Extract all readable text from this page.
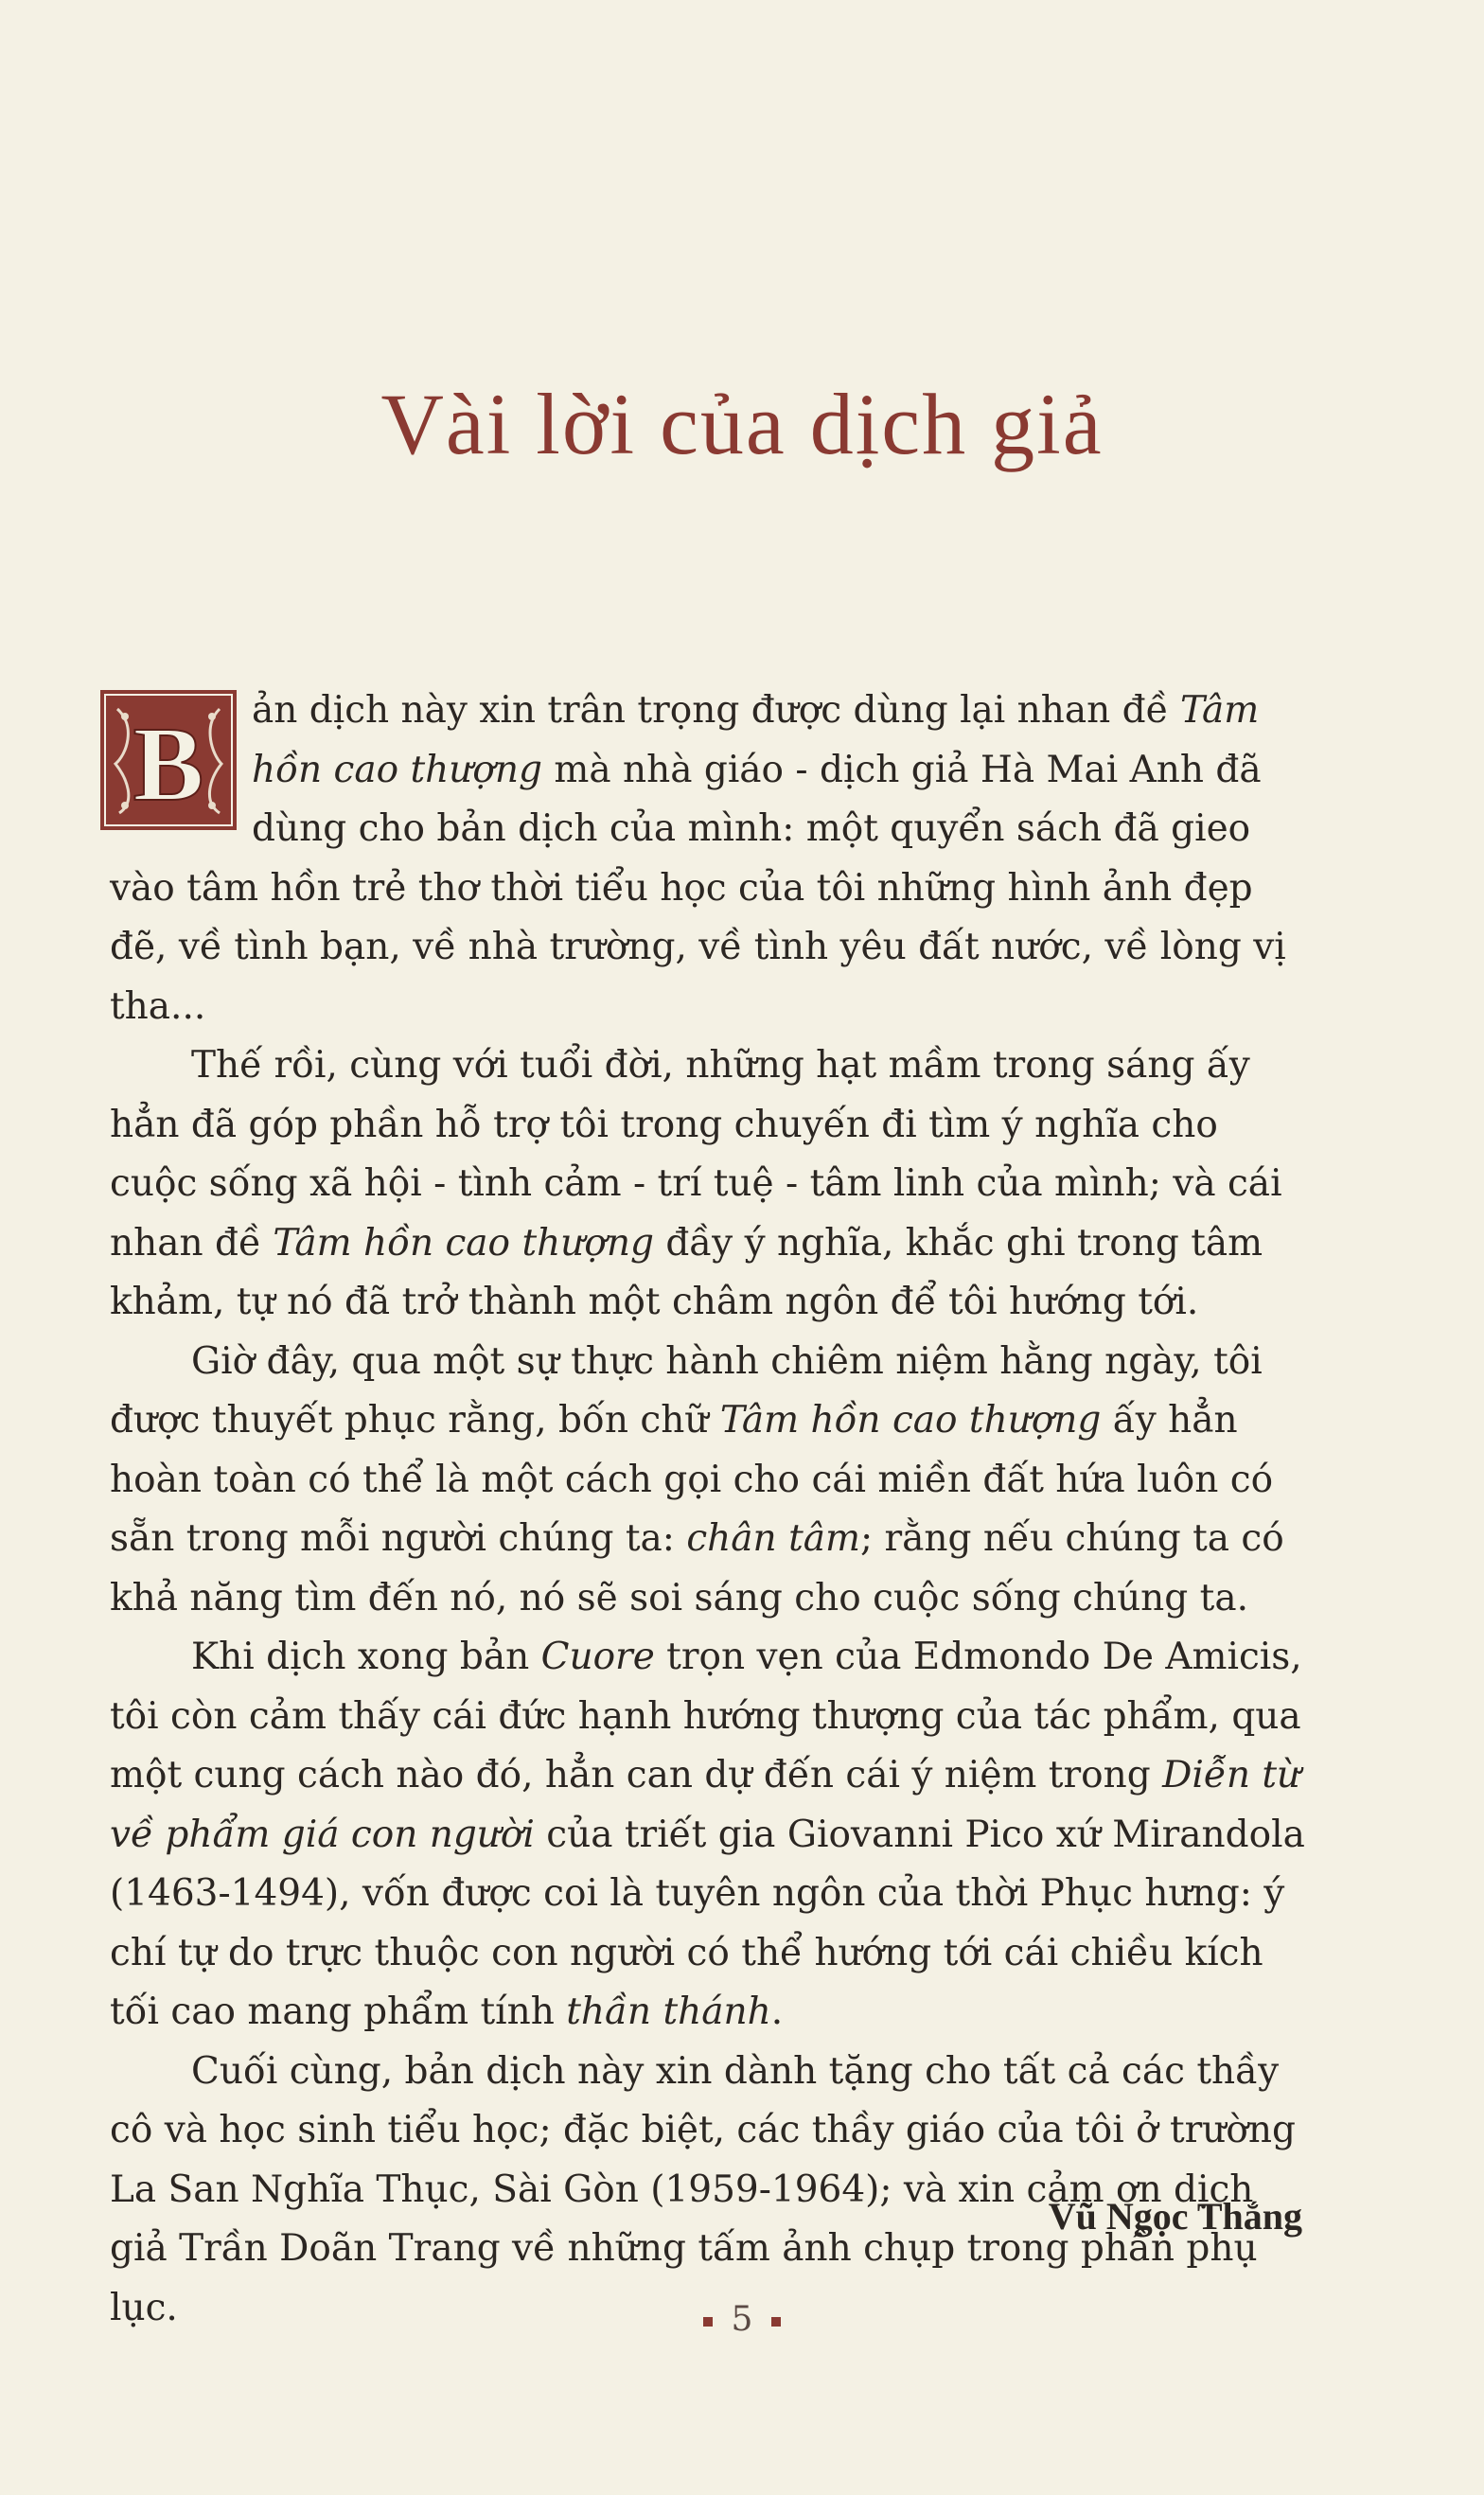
Vài lời của dịch giả

B ản dịch này xin trân trọng được dùng lại nhan đề Tâm hồn cao thượng mà nhà giáo - dịch giả Hà Mai Anh đã dùng cho bản dịch của mình: một quyển sách đã gieo vào tâm hồn trẻ thơ thời tiểu học của tôi những hình ảnh đẹp đẽ, về tình bạn, về nhà trường, về tình yêu đất nước, về lòng vị tha...

Thế rồi, cùng với tuổi đời, những hạt mầm trong sáng ấy hẳn đã góp phần hỗ trợ tôi trong chuyến đi tìm ý nghĩa cho cuộc sống xã hội - tình cảm - trí tuệ - tâm linh của mình; và cái nhan đề Tâm hồn cao thượng đầy ý nghĩa, khắc ghi trong tâm khảm, tự nó đã trở thành một châm ngôn để tôi hướng tới.

Giờ đây, qua một sự thực hành chiêm niệm hằng ngày, tôi được thuyết phục rằng, bốn chữ Tâm hồn cao thượng ấy hẳn hoàn toàn có thể là một cách gọi cho cái miền đất hứa luôn có sẵn trong mỗi người chúng ta: chân tâm; rằng nếu chúng ta có khả năng tìm đến nó, nó sẽ soi sáng cho cuộc sống chúng ta.

Khi dịch xong bản Cuore trọn vẹn của Edmondo De Amicis, tôi còn cảm thấy cái đức hạnh hướng thượng của tác phẩm, qua một cung cách nào đó, hẳn can dự đến cái ý niệm trong Diễn từ về phẩm giá con người của triết gia Giovanni Pico xứ Mirandola (1463-1494), vốn được coi là tuyên ngôn của thời Phục hưng: ý chí tự do trực thuộc con người có thể hướng tới cái chiều kích tối cao mang phẩm tính thần thánh.

Cuối cùng, bản dịch này xin dành tặng cho tất cả các thầy cô và học sinh tiểu học; đặc biệt, các thầy giáo của tôi ở trường La San Nghĩa Thục, Sài Gòn (1959-1964); và xin cảm ơn dịch giả Trần Doãn Trang về những tấm ảnh chụp trong phần phụ lục.

Vũ Ngọc Thắng
5
